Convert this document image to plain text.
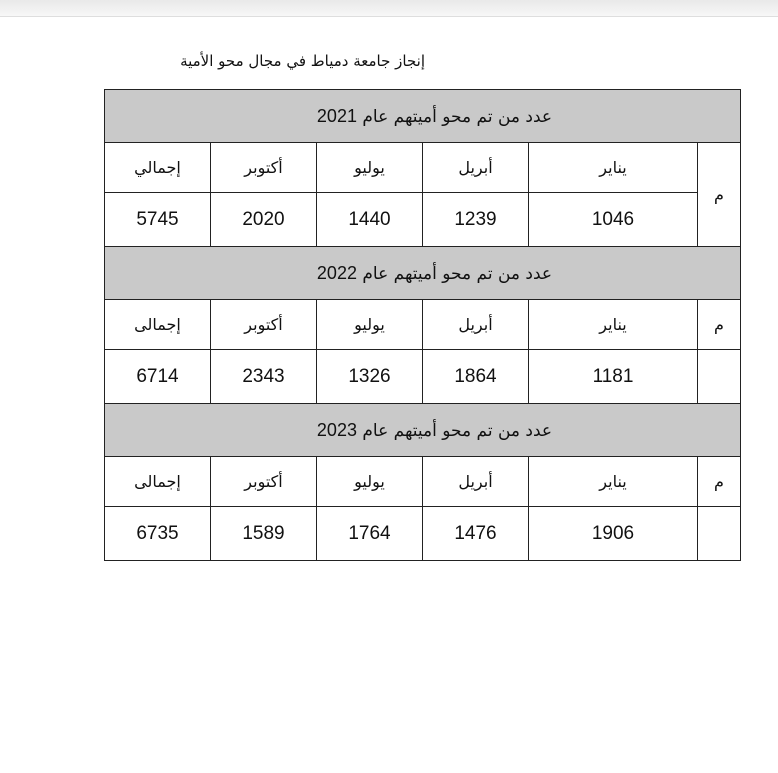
إنجاز جامعة دمياط في مجال محو الأمية
عدد من تم محو أميتهم عام 2021					
م	يناير	أبريل	يوليو	أكتوبر	إجمالي
	1046	1239	1440	2020	5745
عدد من تم محو أميتهم عام 2022					
م	يناير	أبريل	يوليو	أكتوبر	إجمالى
	1181	1864	1326	2343	6714
عدد من تم محو أميتهم عام 2023					
م	يناير	أبريل	يوليو	أكتوبر	إجمالى
	1906	1476	1764	1589	6735
